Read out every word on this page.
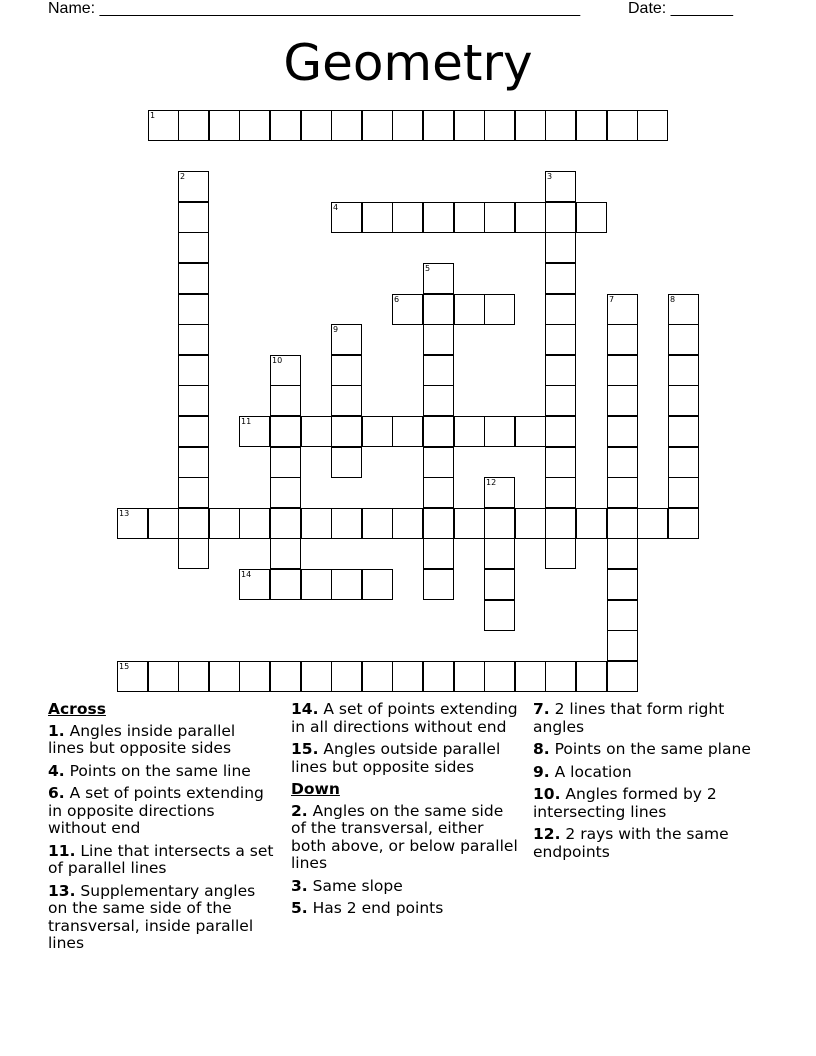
Name: ______________________________________________________	Date: _______
Geometry
1
2	3
4
5
6	7	8
9
10
11
12
13
14
15
Across
1. Angles inside parallel lines but opposite sides
4. Points on the same line
6. A set of points extending in opposite directions without end
11. Line that intersects a set of parallel lines
13. Supplementary angles on the same side of the transversal, inside parallel lines
14. A set of points extending in all directions without end
15. Angles outside parallel lines but opposite sides
Down
2. Angles on the same side of the transversal, either both above, or below parallel lines
3. Same slope
5. Has 2 end points
7. 2 lines that form right angles
8. Points on the same plane
9. A location
10. Angles formed by 2 intersecting lines
12. 2 rays with the same endpoints
